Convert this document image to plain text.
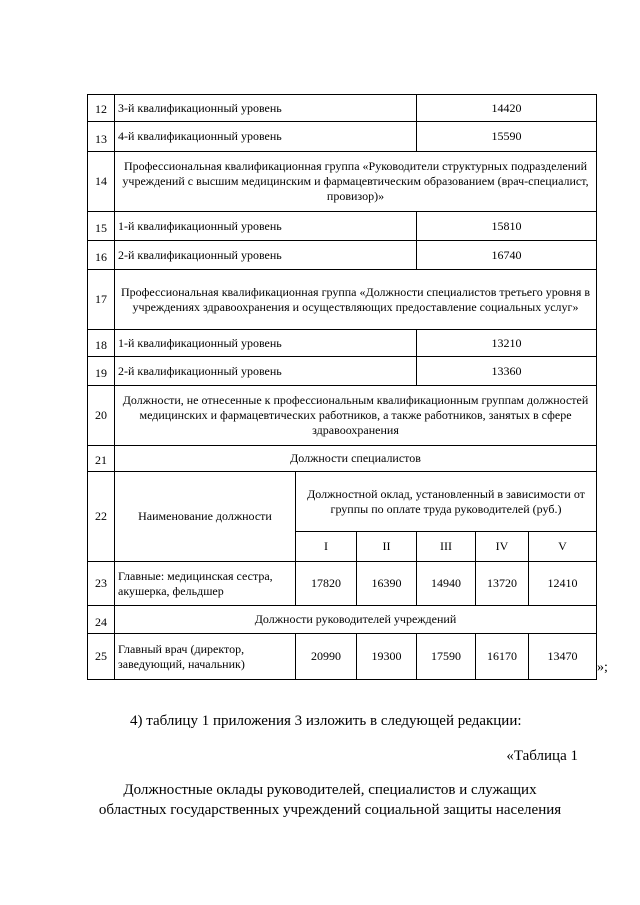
12	3-й квалификационный уровень			14420		
13	4-й квалификационный уровень			15590		
14	Профессиональная квалификационная группа «Руководители структурных подразделений учреждений с высшим медицинским и фармацевтическим образованием (врач-специалист, провизор)»					
15	1-й квалификационный уровень			15810		
16	2-й квалификационный уровень			16740		
17	Профессиональная квалификационная группа «Должности специалистов третьего уровня в учреждениях здравоохранения и осуществляющих предоставление социальных услуг»					
18	1-й квалификационный уровень			13210		
19	2-й квалификационный уровень			13360		
20	Должности, не отнесенные к профессиональным квалификационным группам должностей медицинских и фармацевтических работников, а также работников, занятых в сфере здравоохранения					
21	Должности специалистов					
22	Наименование должности	Должностной оклад, установленный в зависимости от группы по оплате труда руководителей (руб.)				
		I	II	III	IV	V
23	Главные: медицинская сестра, акушерка, фельдшер	17820	16390	14940	13720	12410
24	Должности руководителей учреждений					
25	Главный врач (директор, заведующий, начальник)	20990	19300	17590	16170	13470
»;
4) таблицу 1 приложения 3 изложить в следующей редакции:
«Таблица 1
Должностные оклады руководителей, специалистов и служащих
областных государственных учреждений социальной защиты населения
